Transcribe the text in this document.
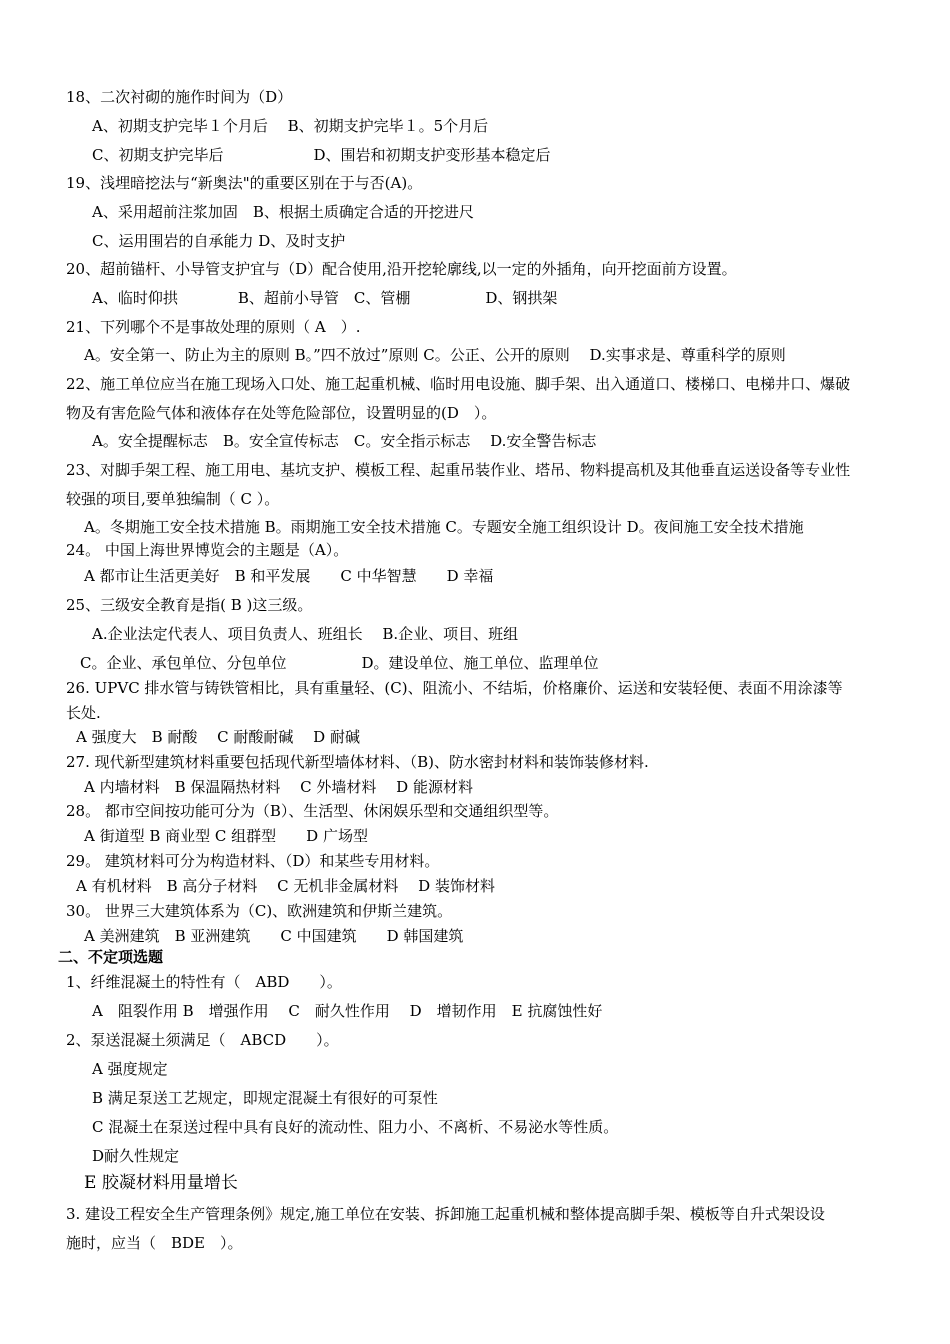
18、二次衬砌的施作时间为（D）
A、初期支护完毕１个月后　 B、初期支护完毕１。5个月后
C、初期支护完毕后　　　　　　D、围岩和初期支护变形基本稳定后
19、浅埋暗挖法与“新奥法"的重要区别在于与否(A)。
A、采用超前注浆加固　B、根据土质确定合适的开挖进尺
C、运用围岩的自承能力 D、及时支护
20、超前锚杆、小导管支护宜与（D）配合使用,沿开挖轮廓线,以一定的外插角，向开挖面前方设置。
A、临时仰拱　　　　B、超前小导管　C、管棚　　　　　D、钢拱架
21、下列哪个不是事故处理的原则（ A　）.
A。安全第一、防止为主的原则 B。”四不放过”原则 C。公正、公开的原则　 D.实事求是、尊重科学的原则
22、施工单位应当在施工现场入口处、施工起重机械、临时用电设施、脚手架、出入通道口、楼梯口、电梯井口、爆破
物及有害危险气体和液体存在处等危险部位，设置明显的(D　）。
A。安全提醒标志　B。安全宣传标志　C。安全指示标志　 D.安全警告标志
23、对脚手架工程、施工用电、基坑支护、模板工程、起重吊装作业、塔吊、物料提高机及其他垂直运送设备等专业性
较强的项目,要单独编制（ C ）。
A。冬期施工安全技术措施 B。雨期施工安全技术措施 C。专题安全施工组织设计 D。夜间施工安全技术措施
24。 中国上海世界博览会的主题是（A）。
A 都市让生活更美好　B 和平发展　　C 中华智慧　　D 幸福
25、三级安全教育是指( B )这三级。
A.企业法定代表人、项目负责人、班组长　 B.企业、项目、班组
C。企业、承包单位、分包单位　　　　　D。建设单位、施工单位、监理单位
26. UPVC 排水管与铸铁管相比，具有重量轻、(C)、阻流小、不结垢，价格廉价、运送和安装轻便、表面不用涂漆等
长处.
A 强度大　B 耐酸　 C 耐酸耐碱　 D 耐碱
27. 现代新型建筑材料重要包括现代新型墙体材料、（B)、防水密封材料和装饰装修材料.
A 内墙材料　B 保温隔热材料　 C 外墙材料　 D 能源材料
28。 都市空间按功能可分为（B）、生活型、休闲娱乐型和交通组织型等。
A 街道型 B 商业型 C 组群型　　D 广场型
29。 建筑材料可分为构造材料、（D）和某些专用材料。
A 有机材料　B 高分子材料　 C 无机非金属材料　 D 装饰材料
30。 世界三大建筑体系为（C)、欧洲建筑和伊斯兰建筑。
A 美洲建筑　B 亚洲建筑　　C 中国建筑　　D 韩国建筑
二、不定项选题
1、纤维混凝土的特性有（　ABD　　）。
A　阻裂作用 B　增强作用　 C　耐久性作用　 D　增韧作用　E 抗腐蚀性好
2、泵送混凝土须满足（　ABCD　　）。
A 强度规定
B 满足泵送工艺规定，即规定混凝土有很好的可泵性
C 混凝土在泵送过程中具有良好的流动性、阻力小、不离析、不易泌水等性质。
D耐久性规定
E 胶凝材料用量增长
3. 建设工程安全生产管理条例》规定,施工单位在安装、拆卸施工起重机械和整体提高脚手架、模板等自升式架设设
施时，应当（　BDE　）。
